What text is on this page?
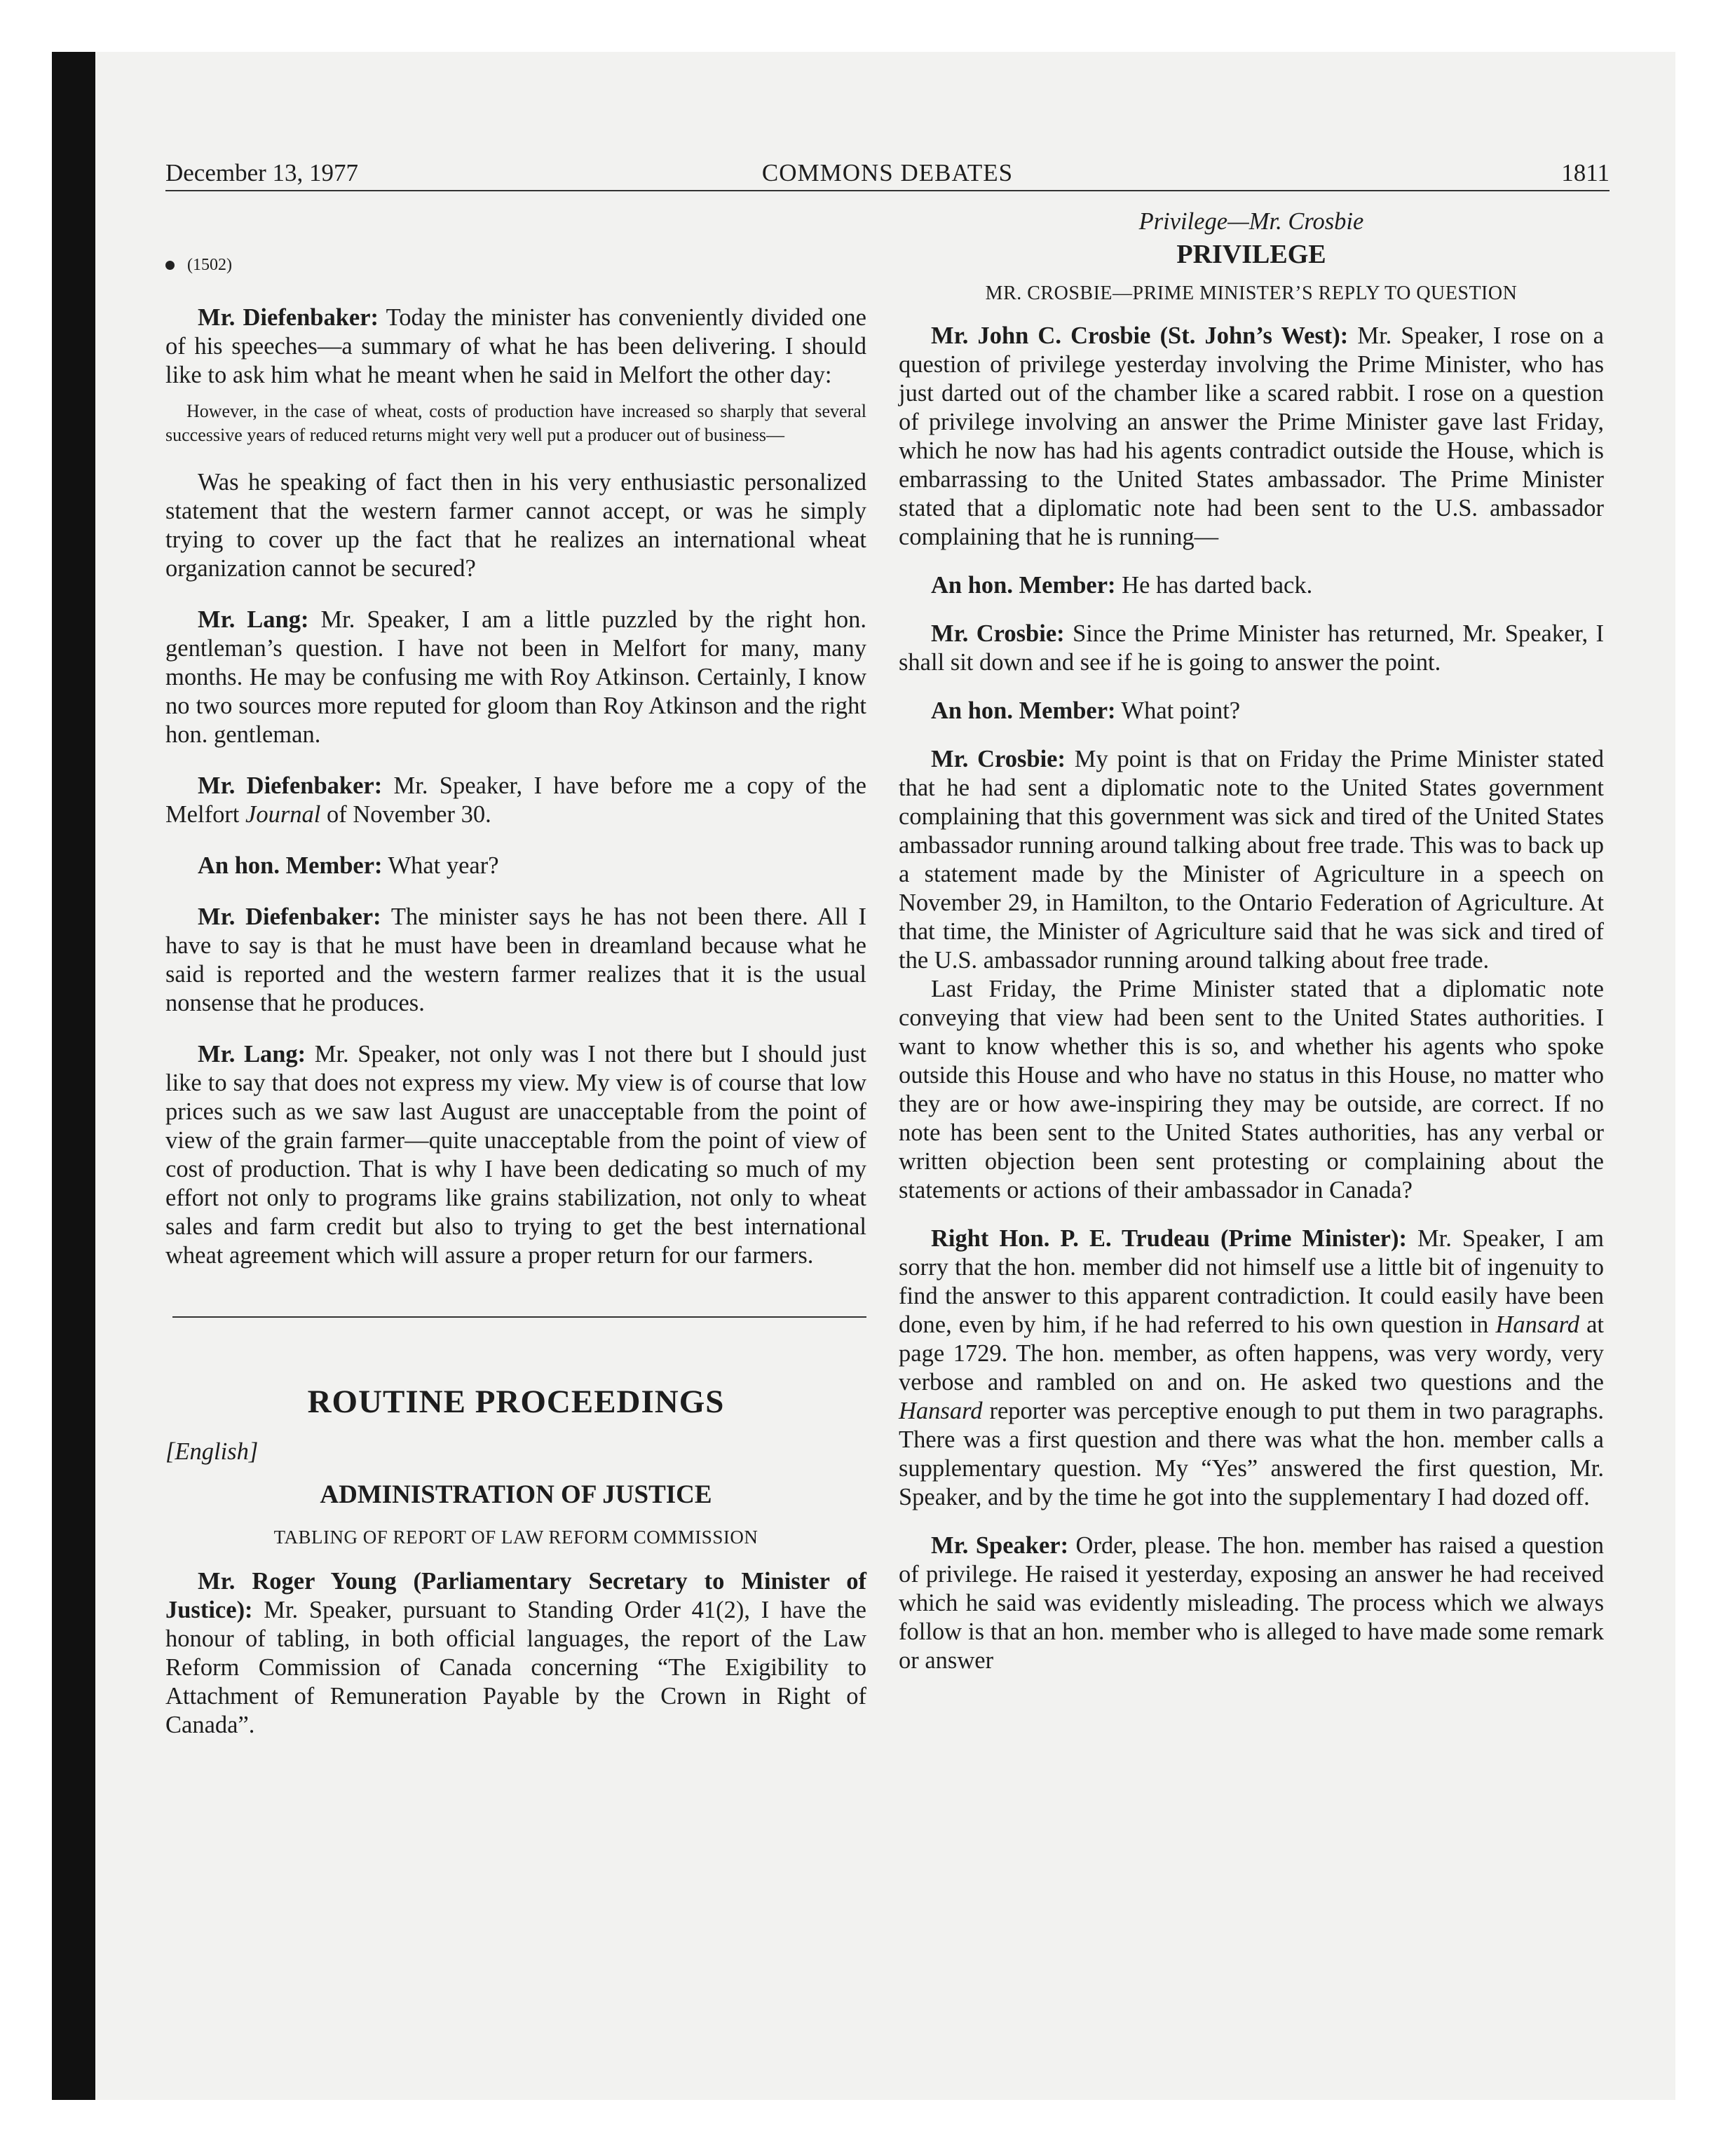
December 13, 1977	COMMONS DEBATES	1811
(1502)

Mr. Diefenbaker: Today the minister has conveniently divided one of his speeches—a summary of what he has been delivering. I should like to ask him what he meant when he said in Melfort the other day:

However, in the case of wheat, costs of production have increased so sharply that several successive years of reduced returns might very well put a producer out of business—

Was he speaking of fact then in his very enthusiastic personalized statement that the western farmer cannot accept, or was he simply trying to cover up the fact that he realizes an international wheat organization cannot be secured?

Mr. Lang: Mr. Speaker, I am a little puzzled by the right hon. gentleman’s question. I have not been in Melfort for many, many months. He may be confusing me with Roy Atkinson. Certainly, I know no two sources more reputed for gloom than Roy Atkinson and the right hon. gentleman.

Mr. Diefenbaker: Mr. Speaker, I have before me a copy of the Melfort Journal of November 30.

An hon. Member: What year?

Mr. Diefenbaker: The minister says he has not been there. All I have to say is that he must have been in dreamland because what he said is reported and the western farmer realizes that it is the usual nonsense that he produces.

Mr. Lang: Mr. Speaker, not only was I not there but I should just like to say that does not express my view. My view is of course that low prices such as we saw last August are unacceptable from the point of view of the grain farmer—quite unacceptable from the point of view of cost of production. That is why I have been dedicating so much of my effort not only to programs like grains stabilization, not only to wheat sales and farm credit but also to trying to get the best international wheat agreement which will assure a proper return for our farmers.

ROUTINE PROCEEDINGS
[English]
ADMINISTRATION OF JUSTICE
TABLING OF REPORT OF LAW REFORM COMMISSION

Mr. Roger Young (Parliamentary Secretary to Minister of Justice): Mr. Speaker, pursuant to Standing Order 41(2), I have the honour of tabling, in both official languages, the report of the Law Reform Commission of Canada concerning “The Exigibility to Attachment of Remuneration Payable by the Crown in Right of Canada”.

Privilege—Mr. Crosbie
PRIVILEGE
MR. CROSBIE—PRIME MINISTER’S REPLY TO QUESTION

Mr. John C. Crosbie (St. John’s West): Mr. Speaker, I rose on a question of privilege yesterday involving the Prime Minister, who has just darted out of the chamber like a scared rabbit. I rose on a question of privilege involving an answer the Prime Minister gave last Friday, which he now has had his agents contradict outside the House, which is embarrassing to the United States ambassador. The Prime Minister stated that a diplomatic note had been sent to the U.S. ambassador complaining that he is running—

An hon. Member: He has darted back.

Mr. Crosbie: Since the Prime Minister has returned, Mr. Speaker, I shall sit down and see if he is going to answer the point.

An hon. Member: What point?

Mr. Crosbie: My point is that on Friday the Prime Minister stated that he had sent a diplomatic note to the United States government complaining that this government was sick and tired of the United States ambassador running around talking about free trade. This was to back up a statement made by the Minister of Agriculture in a speech on November 29, in Hamilton, to the Ontario Federation of Agriculture. At that time, the Minister of Agriculture said that he was sick and tired of the U.S. ambassador running around talking about free trade.

Last Friday, the Prime Minister stated that a diplomatic note conveying that view had been sent to the United States authorities. I want to know whether this is so, and whether his agents who spoke outside this House and who have no status in this House, no matter who they are or how awe-inspiring they may be outside, are correct. If no note has been sent to the United States authorities, has any verbal or written objection been sent protesting or complaining about the statements or actions of their ambassador in Canada?

Right Hon. P. E. Trudeau (Prime Minister): Mr. Speaker, I am sorry that the hon. member did not himself use a little bit of ingenuity to find the answer to this apparent contradiction. It could easily have been done, even by him, if he had referred to his own question in Hansard at page 1729. The hon. member, as often happens, was very wordy, very verbose and rambled on and on. He asked two questions and the Hansard reporter was perceptive enough to put them in two paragraphs. There was a first question and there was what the hon. member calls a supplementary question. My “Yes” answered the first question, Mr. Speaker, and by the time he got into the supplementary I had dozed off.

Mr. Speaker: Order, please. The hon. member has raised a question of privilege. He raised it yesterday, exposing an answer he had received which he said was evidently misleading. The process which we always follow is that an hon. member who is alleged to have made some remark or answer
